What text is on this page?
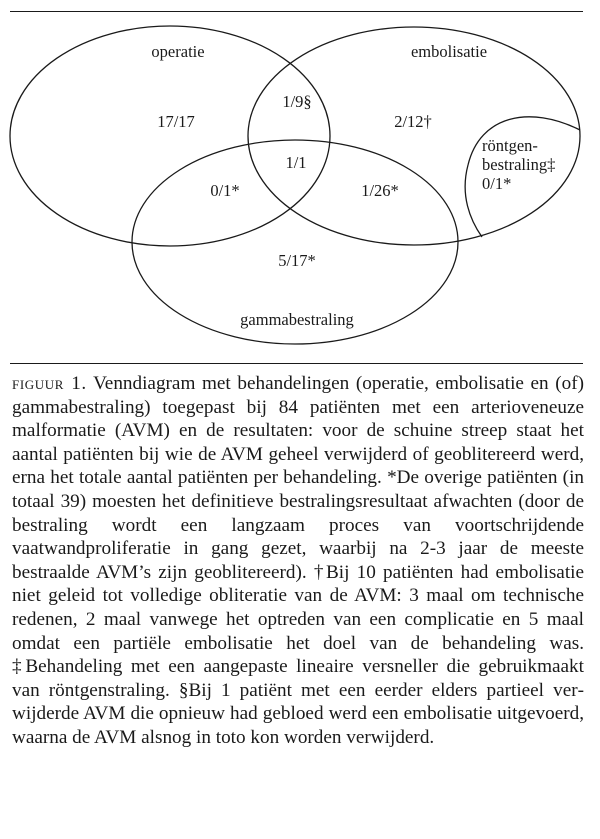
operatie	embolisatie
gammabestraling
17/17
1/9§
2/12†
1/1
0/1*	1/26*
5/17*
röntgen-
bestraling‡
0/1*

figuur 1. Venndiagram met behandelingen (operatie, embolisatie en (of) gammabestraling) toegepast bij 84 patiënten met een arterioveneuze malformatie (AVM) en de resultaten: voor de schuine streep staat het aantal patiënten bij wie de AVM geheel verwijderd of geoblitereerd werd, erna het totale aantal patiënten per behandeling. *De overige patiënten (in totaal 39) moesten het definitieve bestralingsresultaat afwachten (door de bestraling wordt een langzaam proces van voortschrijdende vaatwandproliferatie in gang gezet, waarbij na 2-3 jaar de meeste bestraalde AVM’s zijn geoblitereerd). †Bij 10 patiënten had embolisatie niet geleid tot volledige obliteratie van de AVM: 3 maal om technische redenen, 2 maal vanwege het optreden van een complicatie en 5 maal omdat een partiële embolisatie het doel van de behandeling was. ‡Behandeling met een aangepaste lineaire versneller die gebruikmaakt van röntgenstraling. §Bij 1 patiënt met een eerder elders partieel verwijderde AVM die opnieuw had gebloed werd een embolisatie uitgevoerd, waarna de AVM alsnog in toto kon worden verwijderd.
